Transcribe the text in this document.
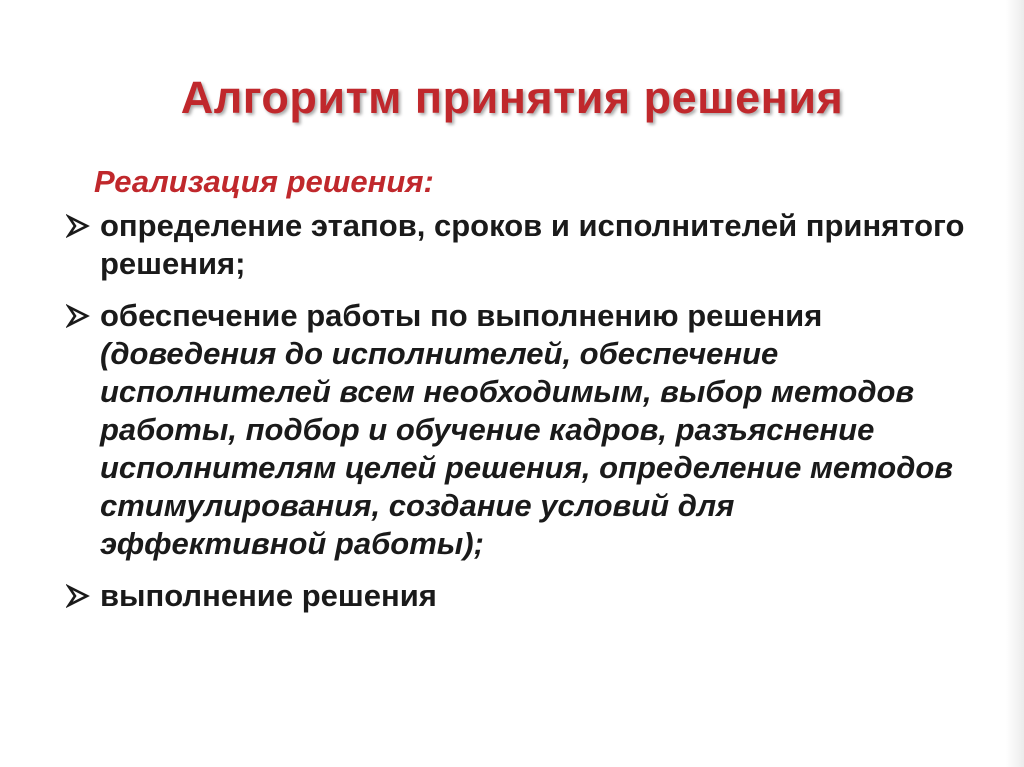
Алгоритм принятия решения
Реализация решения:
определение этапов, сроков и исполнителей принятого решения;
обеспечение работы по выполнению решения (доведения до исполнителей, обеспечение исполнителей всем необходимым, выбор методов работы, подбор и обучение кадров, разъяснение исполнителям целей решения, определение методов стимулирования, создание условий для эффективной работы);
выполнение решения
